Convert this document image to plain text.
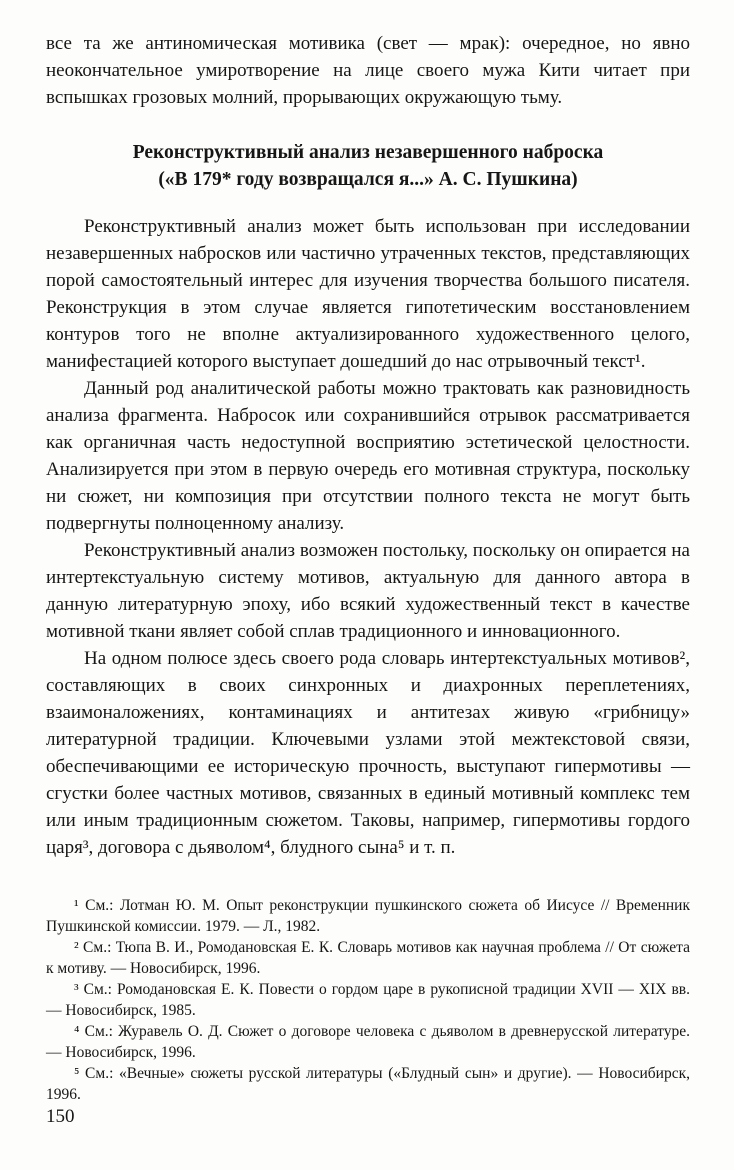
все та же антиномическая мотивика (свет — мрак): очередное, но явно неокончательное умиротворение на лице своего мужа Кити читает при вспышках грозовых молний, прорывающих окружающую тьму.

Реконструктивный анализ незавершенного наброска
(«В 179* году возвращался я...» А. С. Пушкина)

Реконструктивный анализ может быть использован при исследовании незавершенных набросков или частично утраченных текстов, представляющих порой самостоятельный интерес для изучения творчества большого писателя. Реконструкция в этом случае является гипотетическим восстановлением контуров того не вполне актуализированного художественного целого, манифестацией которого выступает дошедший до нас отрывочный текст¹.

Данный род аналитической работы можно трактовать как разновидность анализа фрагмента. Набросок или сохранившийся отрывок рассматривается как органичная часть недоступной восприятию эстетической целостности. Анализируется при этом в первую очередь его мотивная структура, поскольку ни сюжет, ни композиция при отсутствии полного текста не могут быть подвергнуты полноценному анализу.

Реконструктивный анализ возможен постольку, поскольку он опирается на интертекстуальную систему мотивов, актуальную для данного автора в данную литературную эпоху, ибо всякий художественный текст в качестве мотивной ткани являет собой сплав традиционного и инновационного.

На одном полюсе здесь своего рода словарь интертекстуальных мотивов², составляющих в своих синхронных и диахронных переплетениях, взаимоналожениях, контаминациях и антитезах живую «грибницу» литературной традиции. Ключевыми узлами этой межтекстовой связи, обеспечивающими ее историческую прочность, выступают гипермотивы — сгустки более частных мотивов, связанных в единый мотивный комплекс тем или иным традиционным сюжетом. Таковы, например, гипермотивы гордого царя³, договора с дьяволом⁴, блудного сына⁵ и т. п.

¹ См.: Лотман Ю. М. Опыт реконструкции пушкинского сюжета об Иисусе // Временник Пушкинской комиссии. 1979. — Л., 1982.

² См.: Тюпа В. И., Ромодановская Е. К. Словарь мотивов как научная проблема // От сюжета к мотиву. — Новосибирск, 1996.

³ См.: Ромодановская Е. К. Повести о гордом царе в рукописной традиции XVII — XIX вв. — Новосибирск, 1985.

⁴ См.: Журавель О. Д. Сюжет о договоре человека с дьяволом в древнерусской литературе. — Новосибирск, 1996.

⁵ См.: «Вечные» сюжеты русской литературы («Блудный сын» и другие). — Новосибирск, 1996.

150
